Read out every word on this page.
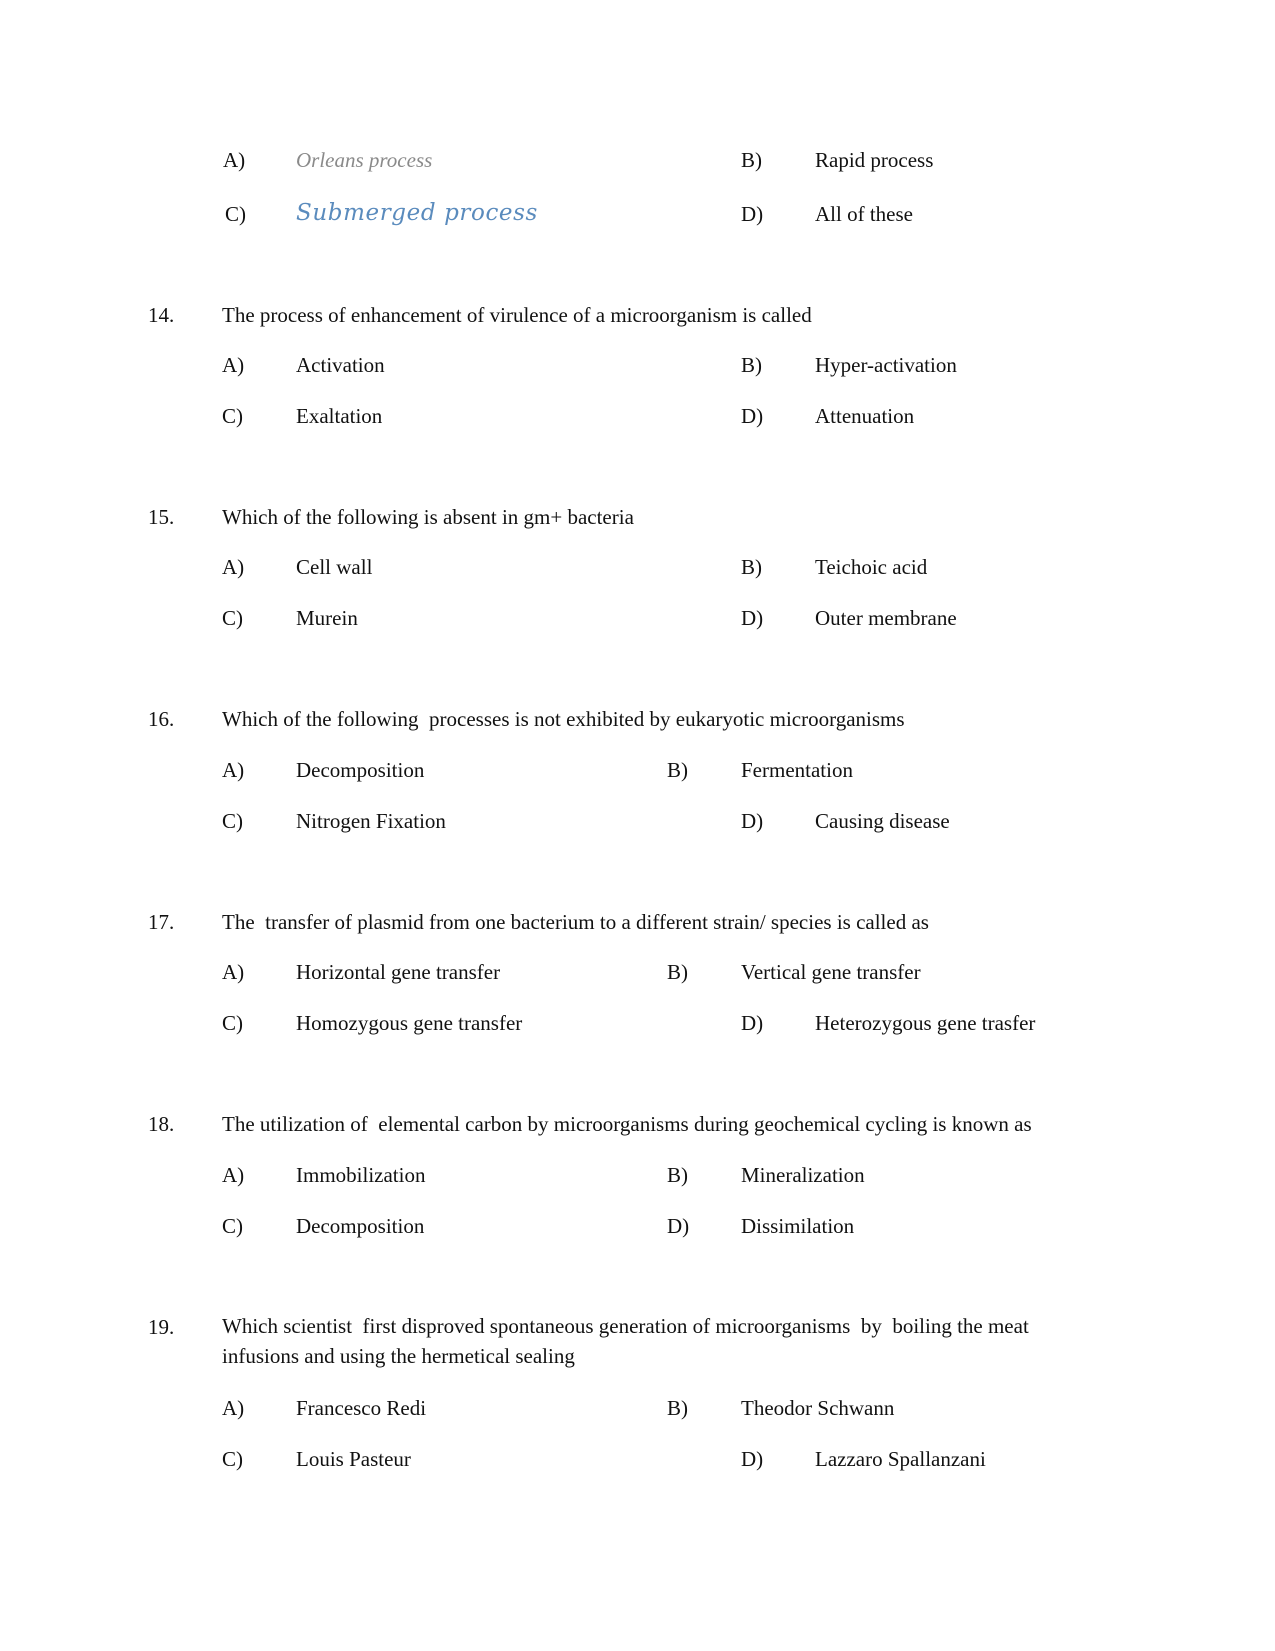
A) Orleans process	B)	Rapid process
C) Submerged process	D) All of these
14. The process of enhancement of virulence of a microorganism is called
A) Activation	B)	Hyper-activation
C)	Exaltation	D) Attenuation
15. Which of the following is absent in gm+ bacteria
A) Cell wall	B)	Teichoic acid
C)	Murein	D) Outer membrane
16. Which of the following  processes is not exhibited by eukaryotic microorganisms
A) Decomposition	B)	Fermentation
C)	Nitrogen Fixation	D) Causing disease
17. The  transfer of plasmid from one bacterium to a different strain/ species is called as
A) Horizontal gene transfer	B)	Vertical gene transfer
C)	Homozygous gene transfer	D) Heterozygous gene trasfer
18. The utilization of  elemental carbon by microorganisms during geochemical cycling is known as
A) Immobilization	B)	Mineralization
C)	Decomposition	D) Dissimilation
19. Which scientist  first disproved spontaneous generation of microorganisms  by  boiling the meat infusions and using the hermetical sealing
A) Francesco Redi	B)	Theodor Schwann
C)	Louis Pasteur	D) Lazzaro Spallanzani
